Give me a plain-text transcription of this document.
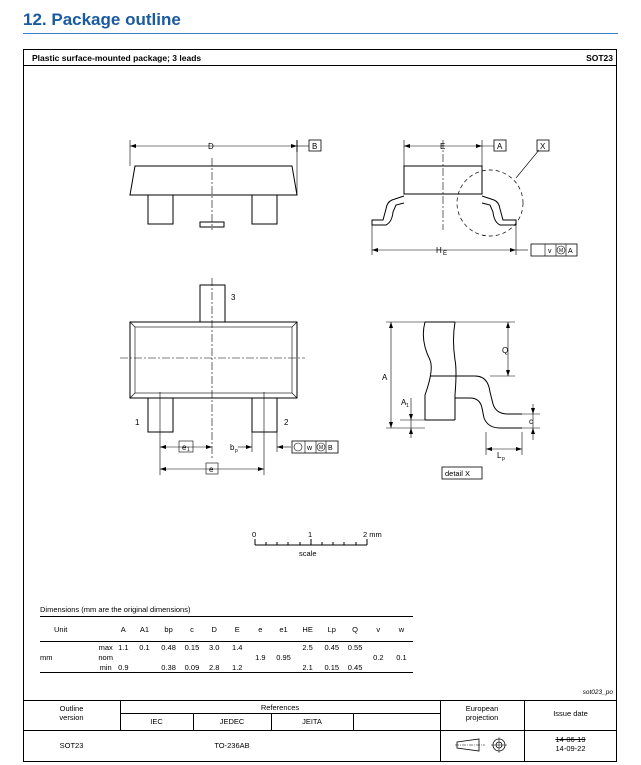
12. Package outline
Plastic surface-mounted package; 3 leads	SOT23
D	B	E	A	X
H E	v M A
3
1	2
e 1	b p	w M B
e
Q
A
A 1
c
L p
detail X
0	1	2 mm
scale
Dimensions (mm are the original dimensions)
Unit		A	A1	bp	c	D	E	e	e1	HE	Lp	Q	v	w
	max	1.1	0.1	0.48	0.15	3.0	1.4			2.5	0.45	0.55		
mm	nom							1.9	0.95				0.2	0.1
	min	0.9		0.38	0.09	2.8	1.2			2.1	0.15	0.45		
sot023_po
Outline
version
References
IEC	JEDEC	JEITA
European
projection	Issue date
SOT23	TO-236AB
14-06-19
14-09-22
